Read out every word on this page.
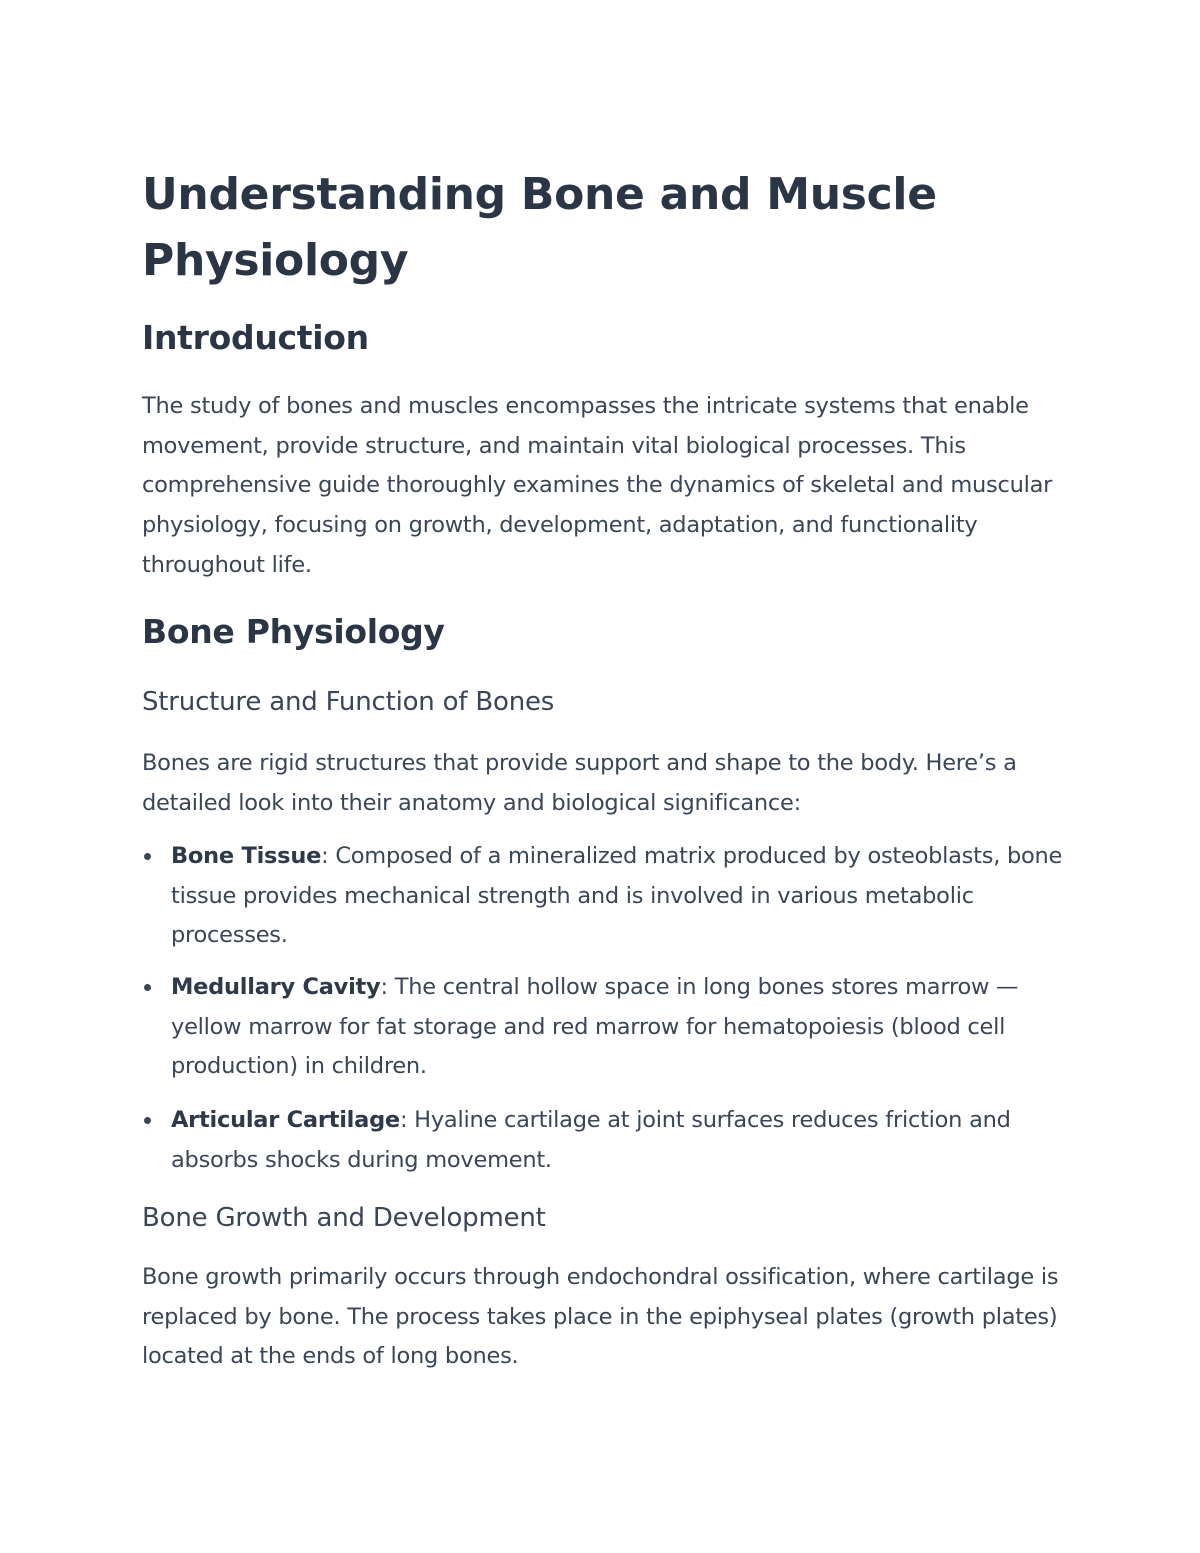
Understanding Bone and Muscle Physiology
Introduction

The study of bones and muscles encompasses the intricate systems that enable movement, provide structure, and maintain vital biological processes. This comprehensive guide thoroughly examines the dynamics of skeletal and muscular physiology, focusing on growth, development, adaptation, and functionality throughout life.

Bone Physiology
Structure and Function of Bones

Bones are rigid structures that provide support and shape to the body. Here’s a detailed look into their anatomy and biological significance:

Bone Tissue: Composed of a mineralized matrix produced by osteoblasts, bone tissue provides mechanical strength and is involved in various metabolic processes.
Medullary Cavity: The central hollow space in long bones stores marrow — yellow marrow for fat storage and red marrow for hematopoiesis (blood cell production) in children.
Articular Cartilage: Hyaline cartilage at joint surfaces reduces friction and absorbs shocks during movement.
Bone Growth and Development

Bone growth primarily occurs through endochondral ossification, where cartilage is replaced by bone. The process takes place in the epiphyseal plates (growth plates) located at the ends of long bones.
